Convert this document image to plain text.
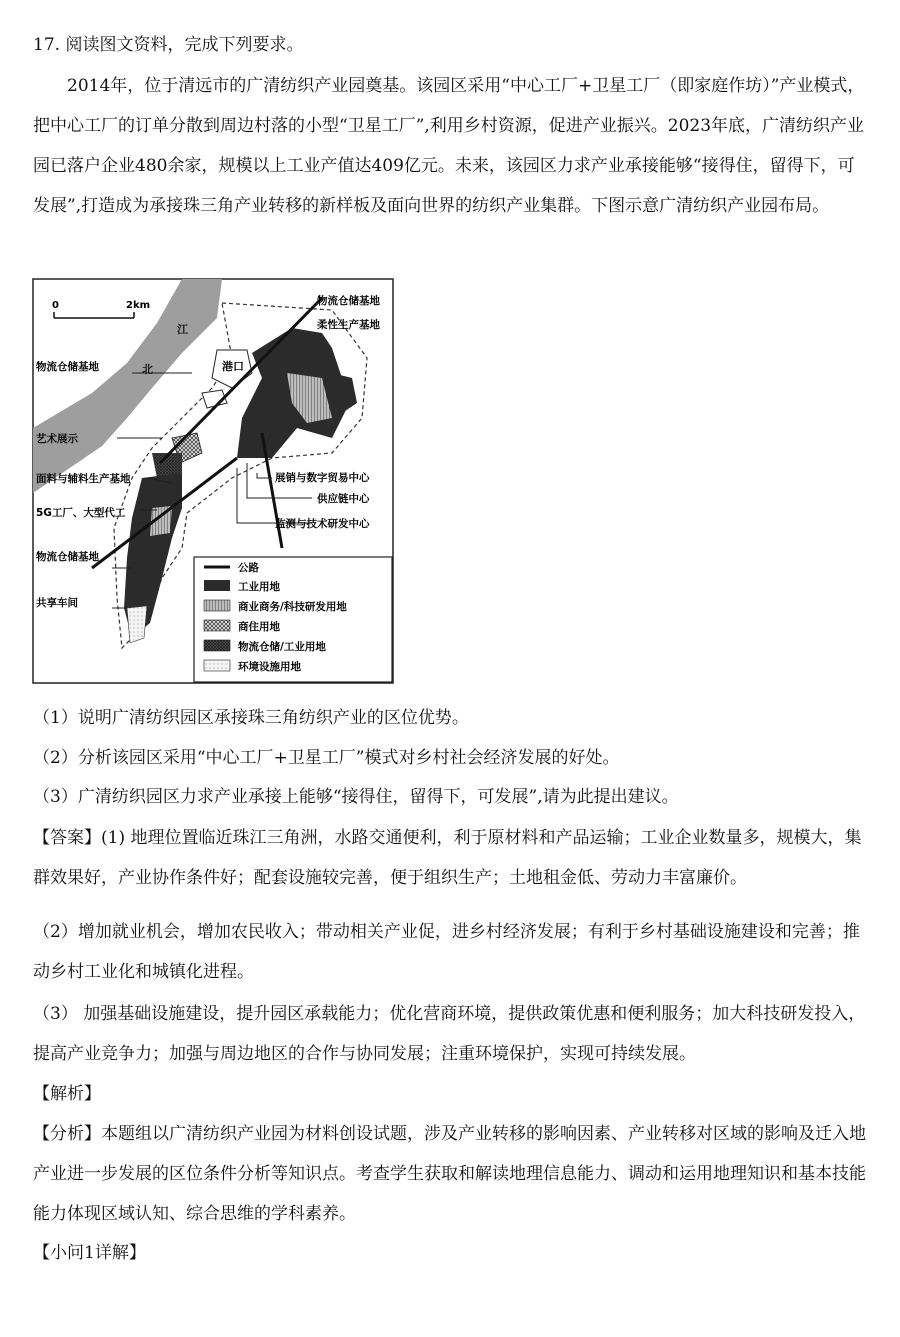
17. 阅读图文资料，完成下列要求。

2014年，位于清远市的广清纺织产业园奠基。该园区采用“中心工厂+卫星工厂（即家庭作坊）”产业模式，把中心工厂的订单分散到周边村落的小型“卫星工厂”,利用乡村资源，促进产业振兴。2023年底，广清纺织产业园已落户企业480余家，规模以上工业产值达409亿元。未来，该园区力求产业承接能够“接得住，留得下，可发展”,打造成为承接珠三角产业转移的新样板及面向世界的纺织产业集群。下图示意广清纺织产业园布局。

0	2km
北
江
港口
物流仓储基地
柔性生产基地
物流仓储基地
艺术展示
面料与辅料生产基地
5G工厂、大型代工
物流仓储基地
共享车间
展销与数字贸易中心
供应链中心
监测与技术研发中心
公路
工业用地
商业商务/科技研发用地
商住用地
物流仓储/工业用地
环境设施用地
（1）说明广清纺织园区承接珠三角纺织产业的区位优势。
（2）分析该园区采用“中心工厂+卫星工厂”模式对乡村社会经济发展的好处。
（3）广清纺织园区力求产业承接上能够“接得住，留得下，可发展”,请为此提出建议。

【答案】(1) 地理位置临近珠江三角洲，水路交通便利，利于原材料和产品运输；工业企业数量多，规模大，集群效果好，产业协作条件好；配套设施较完善，便于组织生产；土地租金低、劳动力丰富廉价。

（2）增加就业机会，增加农民收入；带动相关产业促，进乡村经济发展；有利于乡村基础设施建设和完善；推动乡村工业化和城镇化进程。

（3） 加强基础设施建设，提升园区承载能力；优化营商环境，提供政策优惠和便利服务；加大科技研发投入，提高产业竞争力；加强与周边地区的合作与协同发展；注重环境保护，实现可持续发展。

【解析】

【分析】本题组以广清纺织产业园为材料创设试题，涉及产业转移的影响因素、产业转移对区域的影响及迁入地产业进一步发展的区位条件分析等知识点。考查学生获取和解读地理信息能力、调动和运用地理知识和基本技能能力体现区域认知、综合思维的学科素养。

【小问1详解】
